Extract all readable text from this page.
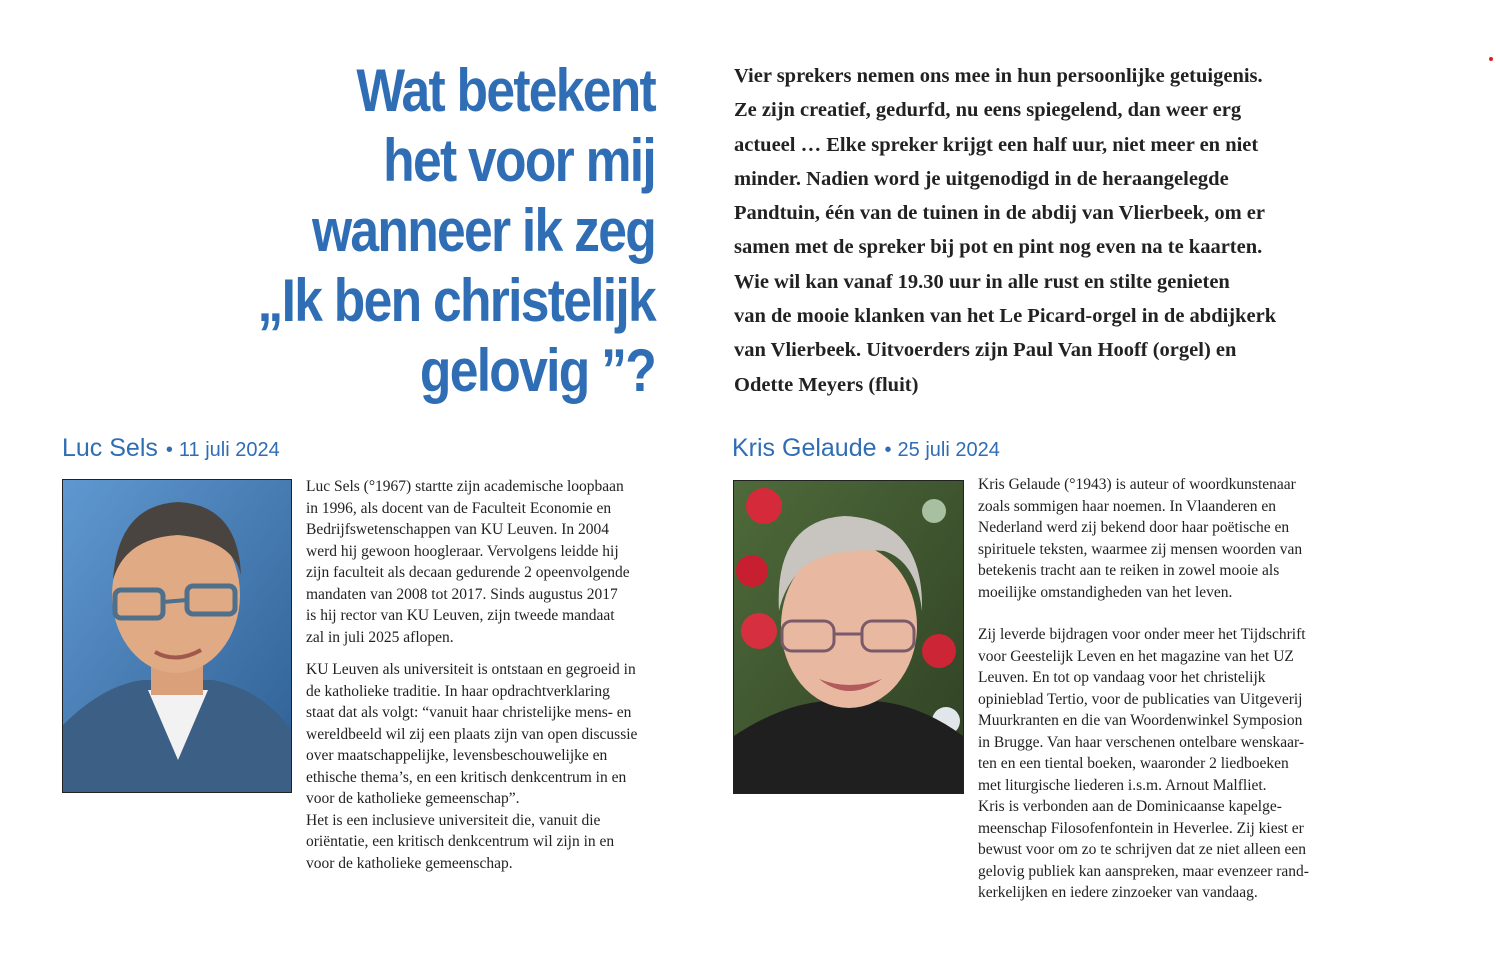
Wat betekent
het voor mij
wanneer ik zeg
„Ik ben christelijk
gelovig ”?
Vier sprekers nemen ons mee in hun persoonlijke getuigenis.
Ze zijn creatief, gedurfd, nu eens spiegelend, dan weer erg
actueel … Elke spreker krijgt een half uur, niet meer en niet
minder. Nadien word je uitgenodigd in de heraangelegde
Pandtuin, één van de tuinen in de abdij van Vlierbeek, om er
samen met de spreker bij pot en pint nog even na te kaarten.
Wie wil kan vanaf 19.30 uur in alle rust en stilte genieten
van de mooie klanken van het Le Picard-orgel in de abdijkerk
van Vlierbeek. Uitvoerders zijn Paul Van Hooff (orgel) en
Odette Meyers (fluit)
Luc Sels • 11 juli 2024
Luc Sels (°1967) startte zijn academische loopbaan
in 1996, als docent van de Faculteit Economie en
Bedrijfswetenschappen van KU Leuven. In 2004
werd hij gewoon hoogleraar. Vervolgens leidde hij
zijn faculteit als decaan gedurende 2 opeenvolgende
mandaten van 2008 tot 2017. Sinds augustus 2017
is hij rector van KU Leuven, zijn tweede mandaat
zal in juli 2025 aflopen.
KU Leuven als universiteit is ontstaan en gegroeid in
de katholieke traditie. In haar opdrachtverklaring
staat dat als volgt: “vanuit haar christelijke mens- en
wereldbeeld wil zij een plaats zijn van open discussie
over maatschappelijke, levensbeschouwelijke en
ethische thema’s, en een kritisch denkcentrum in en
voor de katholieke gemeenschap”.
Het is een inclusieve universiteit die, vanuit die
oriëntatie, een kritisch denkcentrum wil zijn in en
voor de katholieke gemeenschap.
Kris Gelaude • 25 juli 2024
Kris Gelaude (°1943) is auteur of woordkunstenaar
zoals sommigen haar noemen. In Vlaanderen en
Nederland werd zij bekend door haar poëtische en
spirituele teksten, waarmee zij mensen woorden van
betekenis tracht aan te reiken in zowel mooie als
moeilijke omstandigheden van het leven.
Zij leverde bijdragen voor onder meer het Tijdschrift
voor Geestelijk Leven en het magazine van het UZ
Leuven. En tot op vandaag voor het christelijk
opinieblad Tertio, voor de publicaties van Uitgeverij
Muurkranten en die van Woordenwinkel Symposion
in Brugge. Van haar verschenen ontelbare wenskaar-
ten en een tiental boeken, waaronder 2 liedboeken
met liturgische liederen i.s.m. Arnout Malfliet.
Kris is verbonden aan de Dominicaanse kapelge-
meenschap Filosofenfontein in Heverlee. Zij kiest er
bewust voor om zo te schrijven dat ze niet alleen een
gelovig publiek kan aanspreken, maar evenzeer rand-
kerkelijken en iedere zinzoeker van vandaag.
